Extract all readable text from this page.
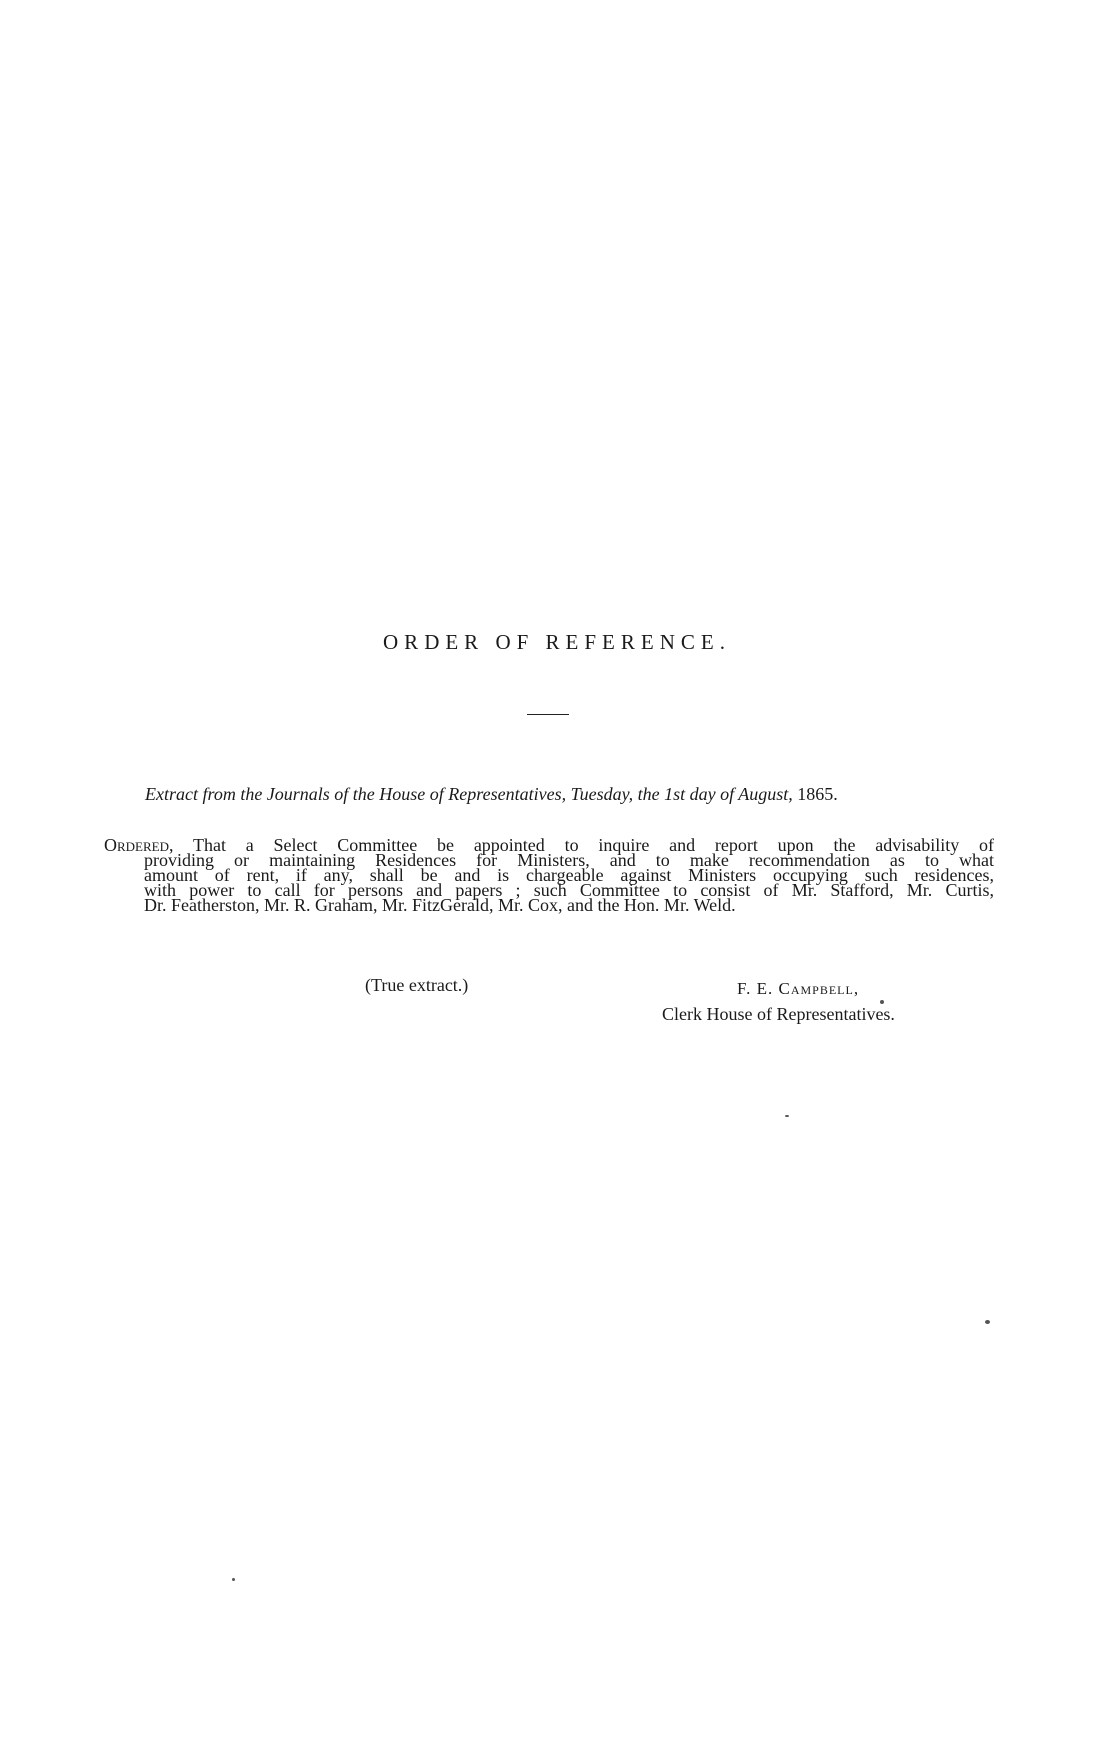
ORDER OF REFERENCE.
Extract from the Journals of the House of Representatives, Tuesday, the 1st day of August, 1865.
Ordered, That a Select Committee be appointed to inquire and report upon the advisability of
providing or maintaining Residences for Ministers, and to make recommendation as to what
amount of rent, if any, shall be and is chargeable against Ministers occupying such residences,
with power to call for persons and papers ; such Committee to consist of Mr. Stafford, Mr. Curtis,
Dr. Featherston, Mr. R. Graham, Mr. FitzGerald, Mr. Cox, and the Hon. Mr. Weld.
(True extract.)	F. E. Campbell,
Clerk House of Representatives.
